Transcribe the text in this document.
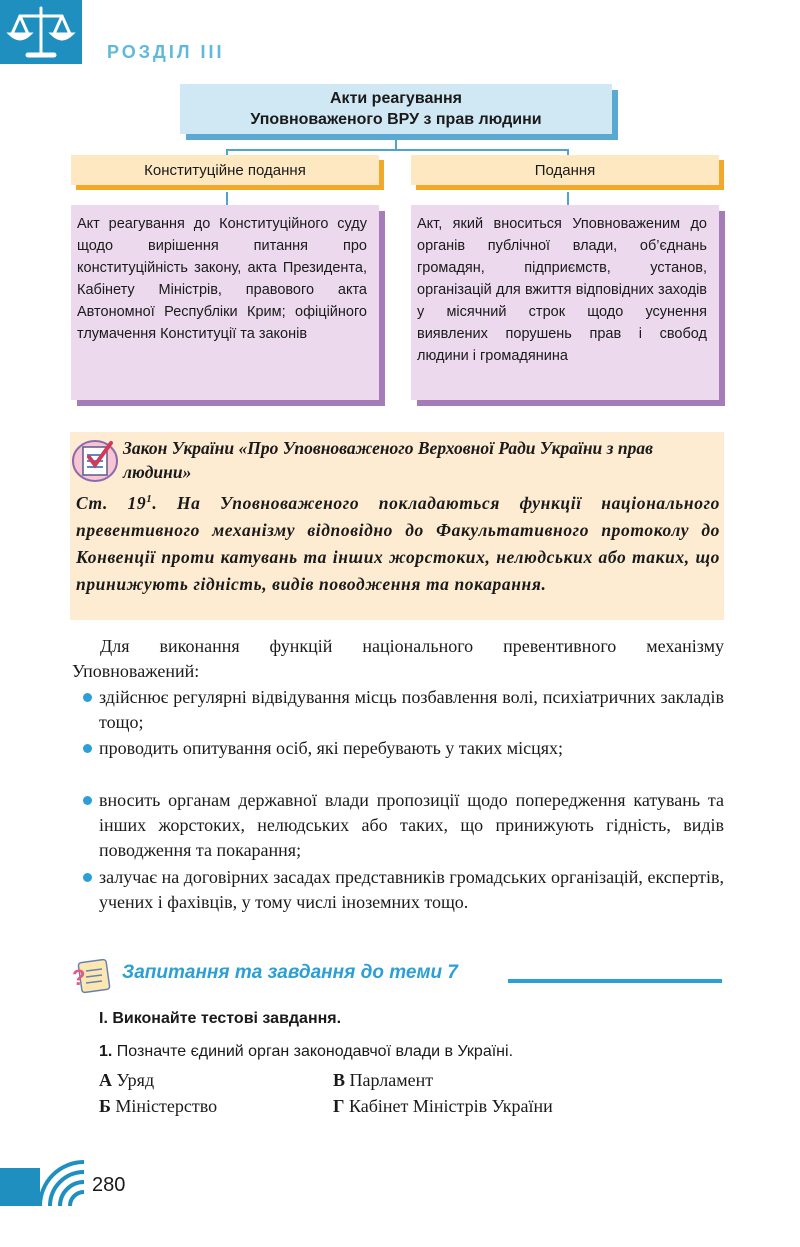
РОЗДІЛ ІІІ
Акти реагування
Уповноваженого ВРУ з прав людини
Конституційне подання	Подання
Акт реагування до Конституційного суду щодо вирішення питання про конституційність закону, акта Президента, Кабінету Міністрів, правового акта Автономної Республіки Крим; офіційного тлумачення Конституції та законів
Акт, який вноситься Уповноваженим до органів публічної влади, об’єднань громадян, підприємств, установ, організацій для вжиття відповідних заходів у місячний строк щодо усунення виявлених порушень прав і свобод людини і громадянина
Закон України «Про Уповноваженого Верховної Ради України з прав людини»
Ст. $19^1$. На Уповноваженого покладаються функції національного превентивного механізму відповідно до Факультативного протоколу до Конвенції проти катувань та інших жорстоких, нелюдських або таких, що принижують гідність, видів поводження та покарання.
Для виконання функцій національного превентивного механізму Уповноважений:
здійснює регулярні відвідування місць позбавлення волі, психіатричних закладів тощо;
проводить опитування осіб, які перебувають у таких місцях;
вносить органам державної влади пропозиції щодо попередження катувань та інших жорстоких, нелюдських або таких, що принижують гідність, видів поводження та покарання;
залучає на договірних засадах представників громадських організацій, експертів, учених і фахівців, у тому числі іноземних тощо.
? Запитання та завдання до теми 7
І. Виконайте тестові завдання.
1. Позначте єдиний орган законодавчої влади в Україні.
А Уряд	В Парламент
Б Міністерство	Г Кабінет Міністрів України
280
